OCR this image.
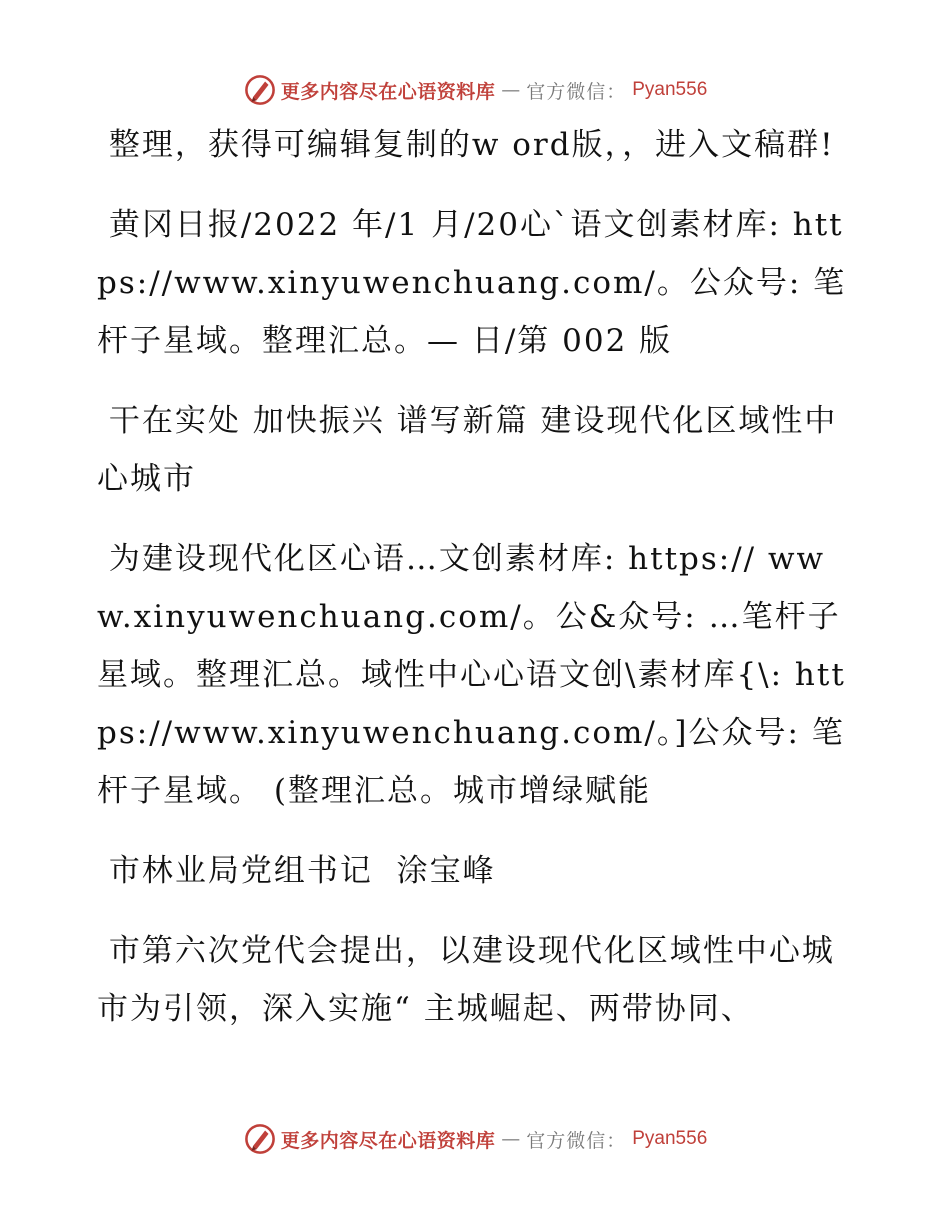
更多内容尽在心语资料库 — 官方微信： Pyan556

整理，获得可编辑复制的w ord版，，进入文稿群!

黄冈日报/2022 年/1 月/20心`语文创素材库: https://www.xinyuwenchuang.com/。公众号: 笔杆子星域。整理汇总。— 日/第 002 版

干在实处 加快振兴 谱写新篇 建设现代化区域性中心城市

为建设现代化区心语…文创素材库: https:// www.xinyuwenchuang.com/。公&众号: …笔杆子星域。整理汇总。域性中心心语文创\素材库{\: https://www.xinyuwenchuang.com/。]公众号: 笔杆子星域。 (整理汇总。城市增绿赋能

市林业局党组书记  涂宝峰

市第六次党代会提出，以建设现代化区域性中心城市为引领，深入实施“ 主城崛起、两带协同、

更多内容尽在心语资料库 — 官方微信： Pyan556
